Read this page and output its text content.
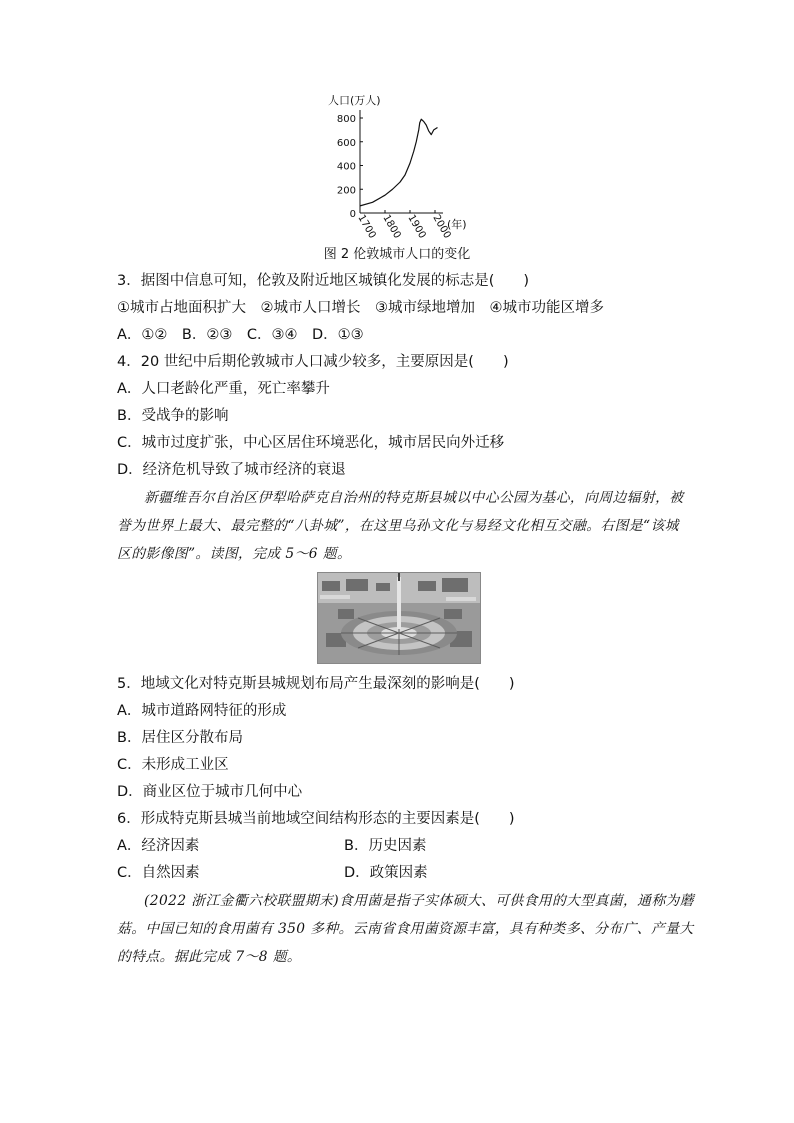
人口(万人)
0
200
400
600
800
1700 1800 1900 2000
(年)
图 2 伦敦城市人口的变化
3．据图中信息可知，伦敦及附近地区城镇化发展的标志是(　　)
①城市占地面积扩大　②城市人口增长　③城市绿地增加　④城市功能区增多
A．①②　B．②③　C．③④　D．①③
4．20 世纪中后期伦敦城市人口减少较多，主要原因是(　　)
A．人口老龄化严重，死亡率攀升
B．受战争的影响
C．城市过度扩张，中心区居住环境恶化，城市居民向外迁移
D．经济危机导致了城市经济的衰退
新疆维吾尔自治区伊犁哈萨克自治州的特克斯县城以中心公园为基心，向周边辐射，被
誉为世界上最大、最完整的“八卦城”，在这里乌孙文化与易经文化相互交融。右图是“该城
区的影像图”。读图，完成 5～6 题。
5．地域文化对特克斯县城规划布局产生最深刻的影响是(　　)
A．城市道路网特征的形成
B．居住区分散布局
C．未形成工业区
D．商业区位于城市几何中心
6．形成特克斯县城当前地域空间结构形态的主要因素是(　　)
A．经济因素	B．历史因素
C．自然因素	D．政策因素
(2022 浙江金衢六校联盟期末)食用菌是指子实体硕大、可供食用的大型真菌，通称为蘑
菇。中国已知的食用菌有 350 多种。云南省食用菌资源丰富，具有种类多、分布广、产量大
的特点。据此完成 7～8 题。
